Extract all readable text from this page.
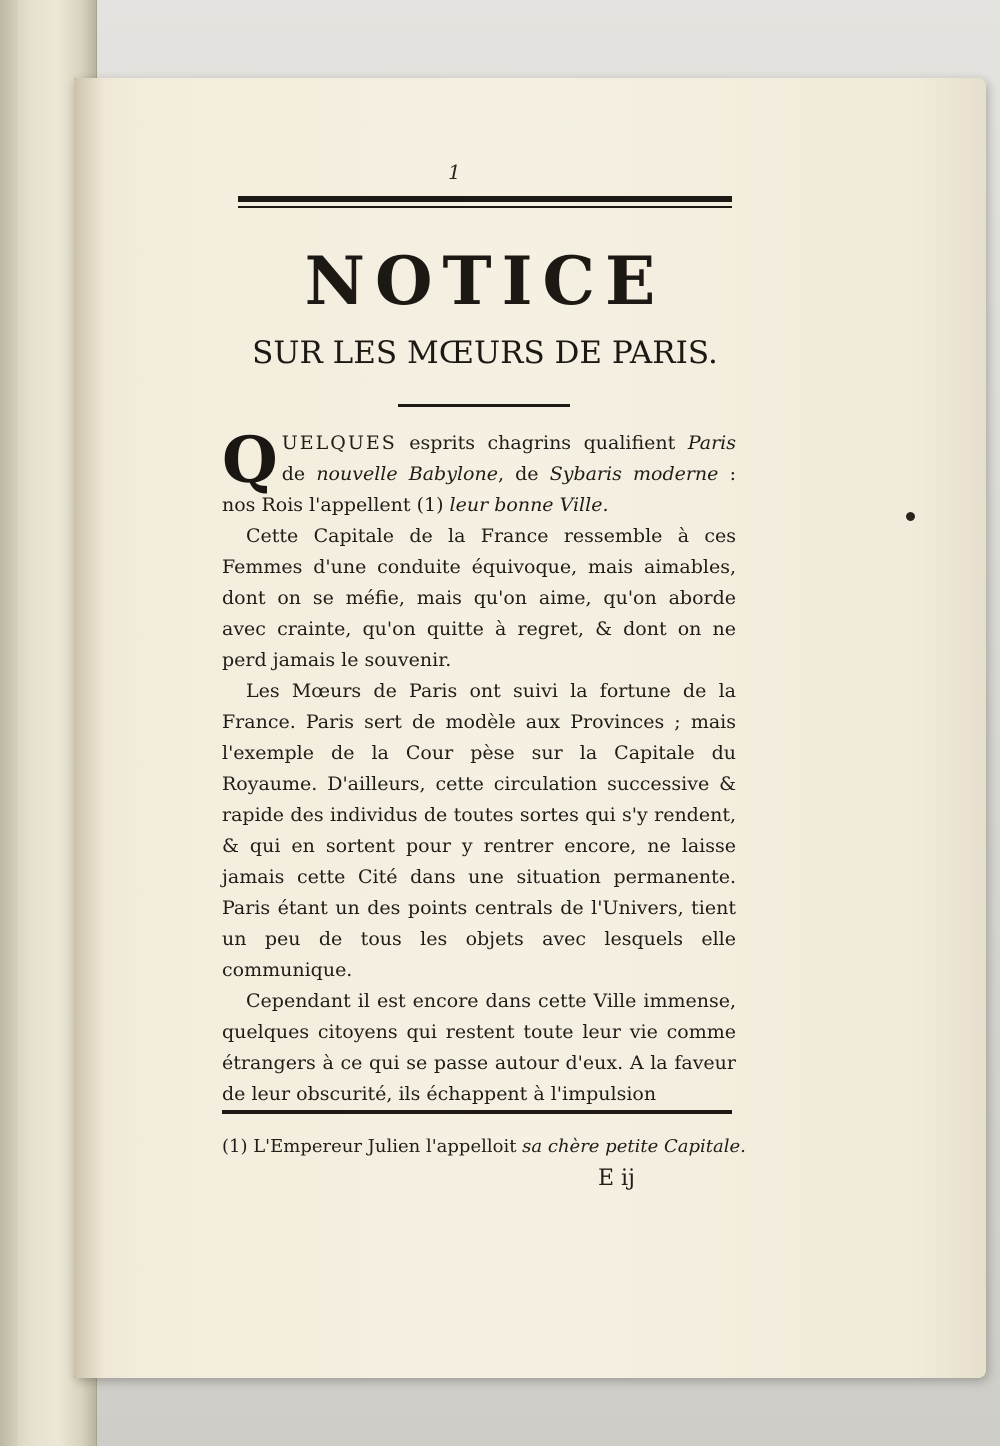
1
NOTICE
SUR LES MŒURS DE PARIS.

QUELQUES esprits chagrins qualifient Paris de nouvelle Babylone, de Sybaris moderne : nos Rois l'appellent (1) leur bonne Ville.

Cette Capitale de la France ressemble à ces Femmes d'une conduite équivoque, mais aimables, dont on se méfie, mais qu'on aime, qu'on aborde avec crainte, qu'on quitte à regret, & dont on ne perd jamais le souvenir.

Les Mœurs de Paris ont suivi la fortune de la France. Paris sert de modèle aux Provinces ; mais l'exemple de la Cour pèse sur la Capitale du Royaume. D'ailleurs, cette circulation successive & rapide des individus de toutes sortes qui s'y rendent, & qui en sortent pour y rentrer encore, ne laisse jamais cette Cité dans une situation permanente. Paris étant un des points centrals de l'Univers, tient un peu de tous les objets avec lesquels elle communique.

Cependant il est encore dans cette Ville immense, quelques citoyens qui restent toute leur vie comme étrangers à ce qui se passe autour d'eux. A la faveur de leur obscurité, ils échappent à l'impulsion

(1) L'Empereur Julien l'appelloit sa chère petite Capitale.
E ij
